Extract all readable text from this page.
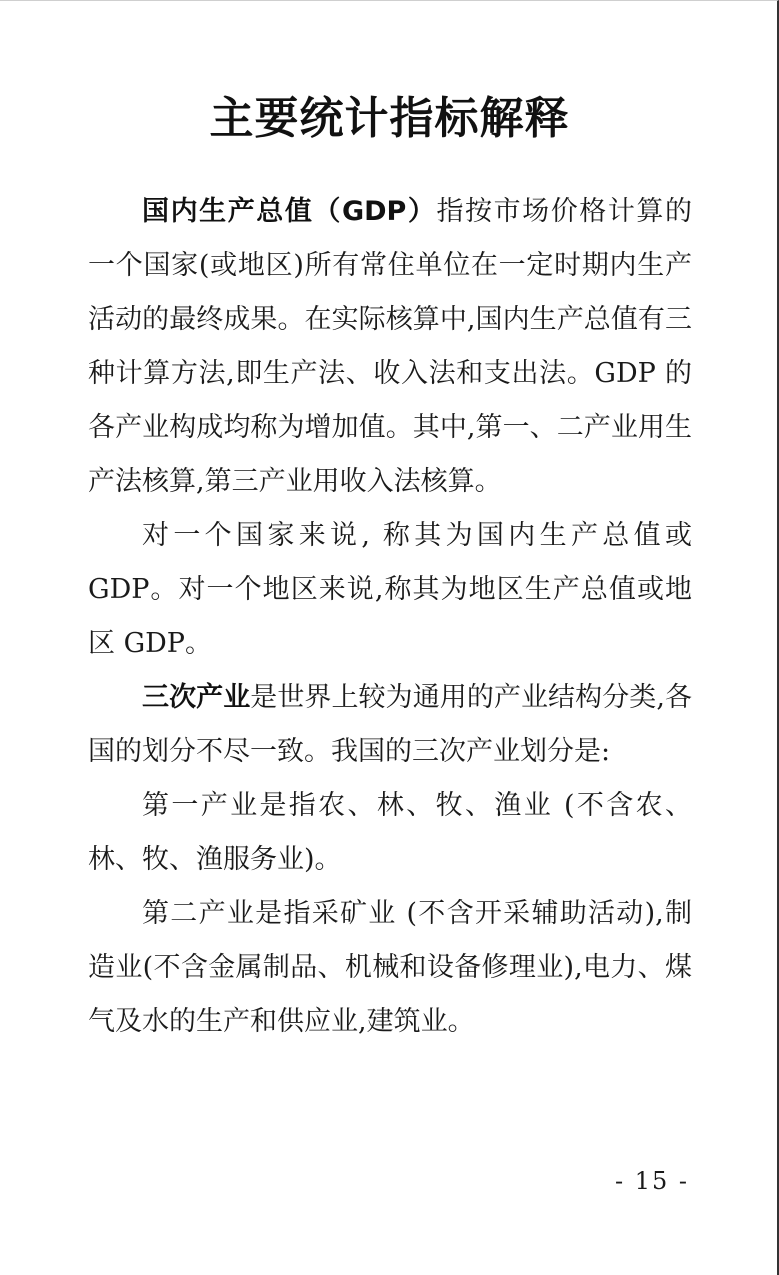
主要统计指标解释

国内生产总值（GDP）指按市场价格计算的一个国家(或地区)所有常住单位在一定时期内生产活动的最终成果。在实际核算中,国内生产总值有三种计算方法,即生产法、收入法和支出法。GDP 的各产业构成均称为增加值。其中,第一、二产业用生产法核算,第三产业用收入法核算。

对一个国家来说, 称其为国内生产总值或GDP。对一个地区来说,称其为地区生产总值或地区 GDP。

三次产业是世界上较为通用的产业结构分类,各国的划分不尽一致。我国的三次产业划分是:

第一产业是指农、林、牧、渔业 (不含农、林、牧、渔服务业)。

第二产业是指采矿业 (不含开采辅助活动),制造业(不含金属制品、机械和设备修理业),电力、煤气及水的生产和供应业,建筑业。

- 15 -
